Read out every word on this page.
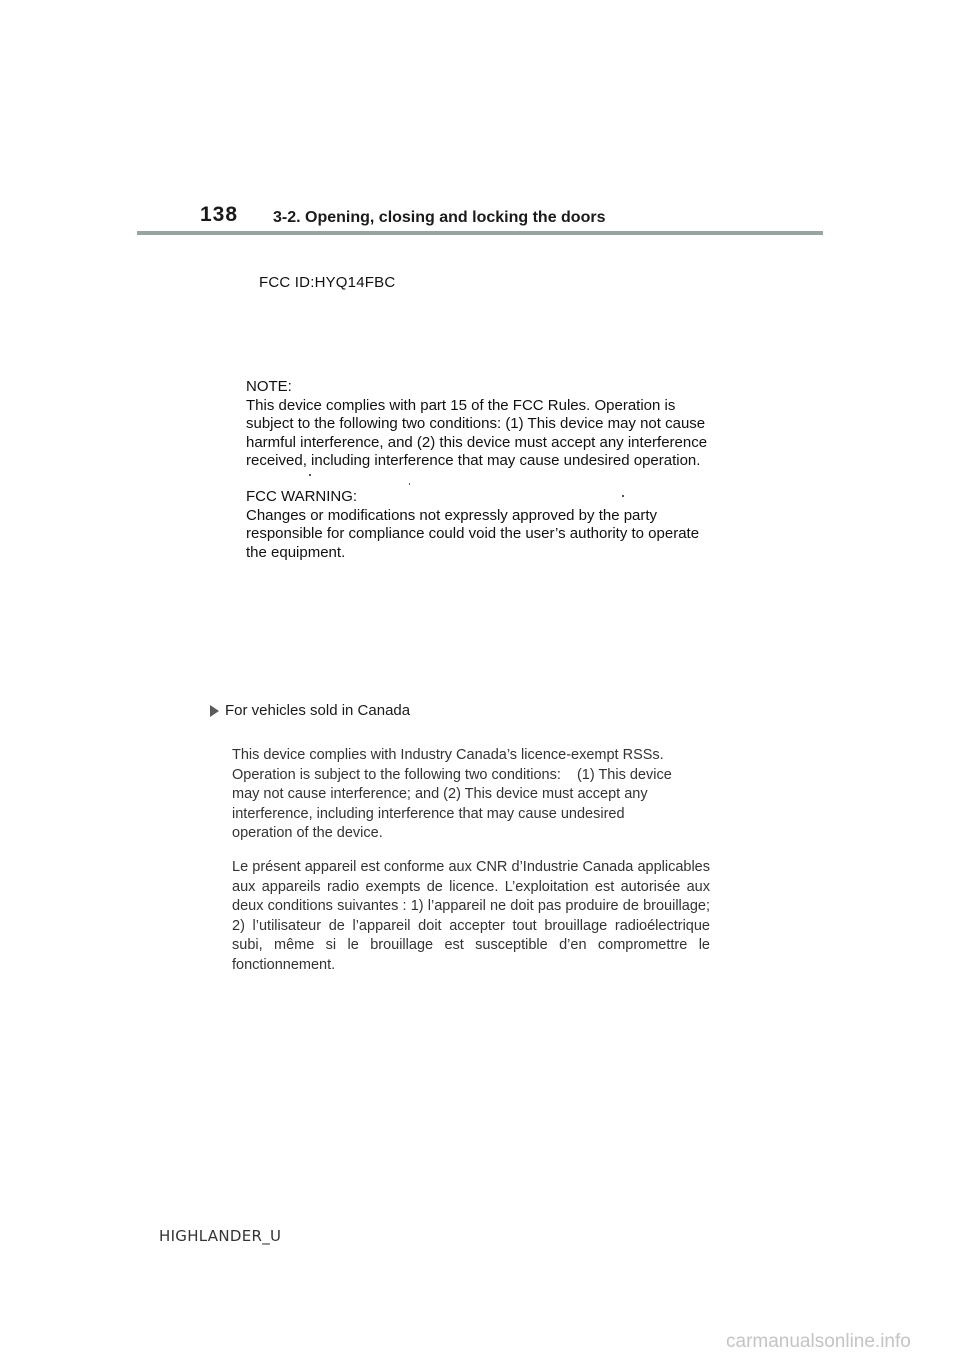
138 3-2. Opening, closing and locking the doors
FCC ID:HYQ14FBC
NOTE:
This device complies with part 15 of the FCC Rules. Operation is
subject to the following two conditions: (1) This device may not cause
harmful interference, and (2) this device must accept any interference
received, including interference that may cause undesired operation.
FCC WARNING:
Changes or modifications not expressly approved by the party
responsible for compliance could void the user’s authority to operate
the equipment.
For vehicles sold in Canada
This device complies with Industry Canada’s licence-exempt RSSs.
Operation is subject to the following two conditions:    (1) This device
may not cause interference; and (2) This device must accept any
interference, including interference that may cause undesired
operation of the device.
Le présent appareil est conforme aux CNR d’Industrie Canada applicables aux appareils radio exempts de licence. L’exploitation est autorisée aux deux conditions suivantes : 1) l’appareil ne doit pas produire de brouillage; 2) l’utilisateur de l’appareil doit accepter tout brouillage radioélectrique subi, même si le brouillage est susceptible d’en compromettre le fonctionnement.
HIGHLANDER_U
carmanualsonline.info
